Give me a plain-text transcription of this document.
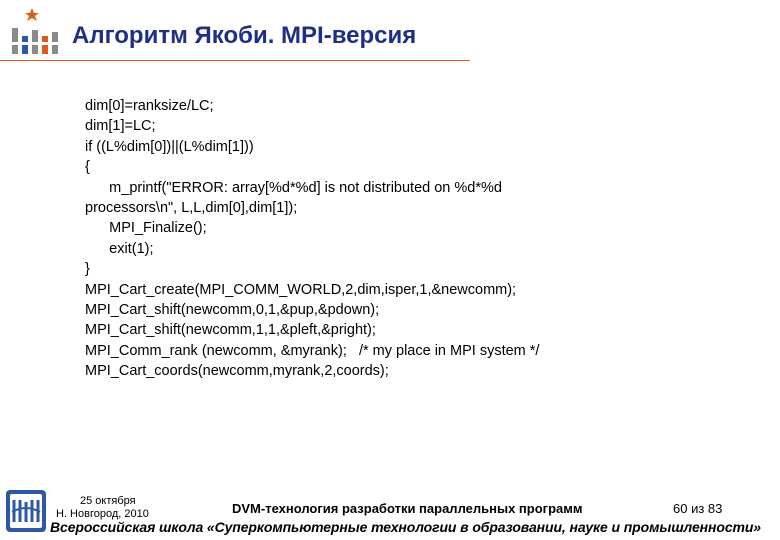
Алгоритм Якоби. MPI-версия
dim[0]=ranksize/LC;
dim[1]=LC;
if ((L%dim[0])||(L%dim[1]))
{
m_printf("ERROR: array[%d*%d] is not distributed on %d*%d
processors\n", L,L,dim[0],dim[1]);
MPI_Finalize();
exit(1);
}
MPI_Cart_create(MPI_COMM_WORLD,2,dim,isper,1,&newcomm);
MPI_Cart_shift(newcomm,0,1,&pup,&pdown);
MPI_Cart_shift(newcomm,1,1,&pleft,&pright);
MPI_Comm_rank (newcomm, &myrank);   /* my place in MPI system */
MPI_Cart_coords(newcomm,myrank,2,coords);
25 октября
Н. Новгород, 2010	DVM-технология разработки параллельных программ	60 из 83
Всероссийская школа «Суперкомпьютерные технологии в образовании, науке и промышленности»
